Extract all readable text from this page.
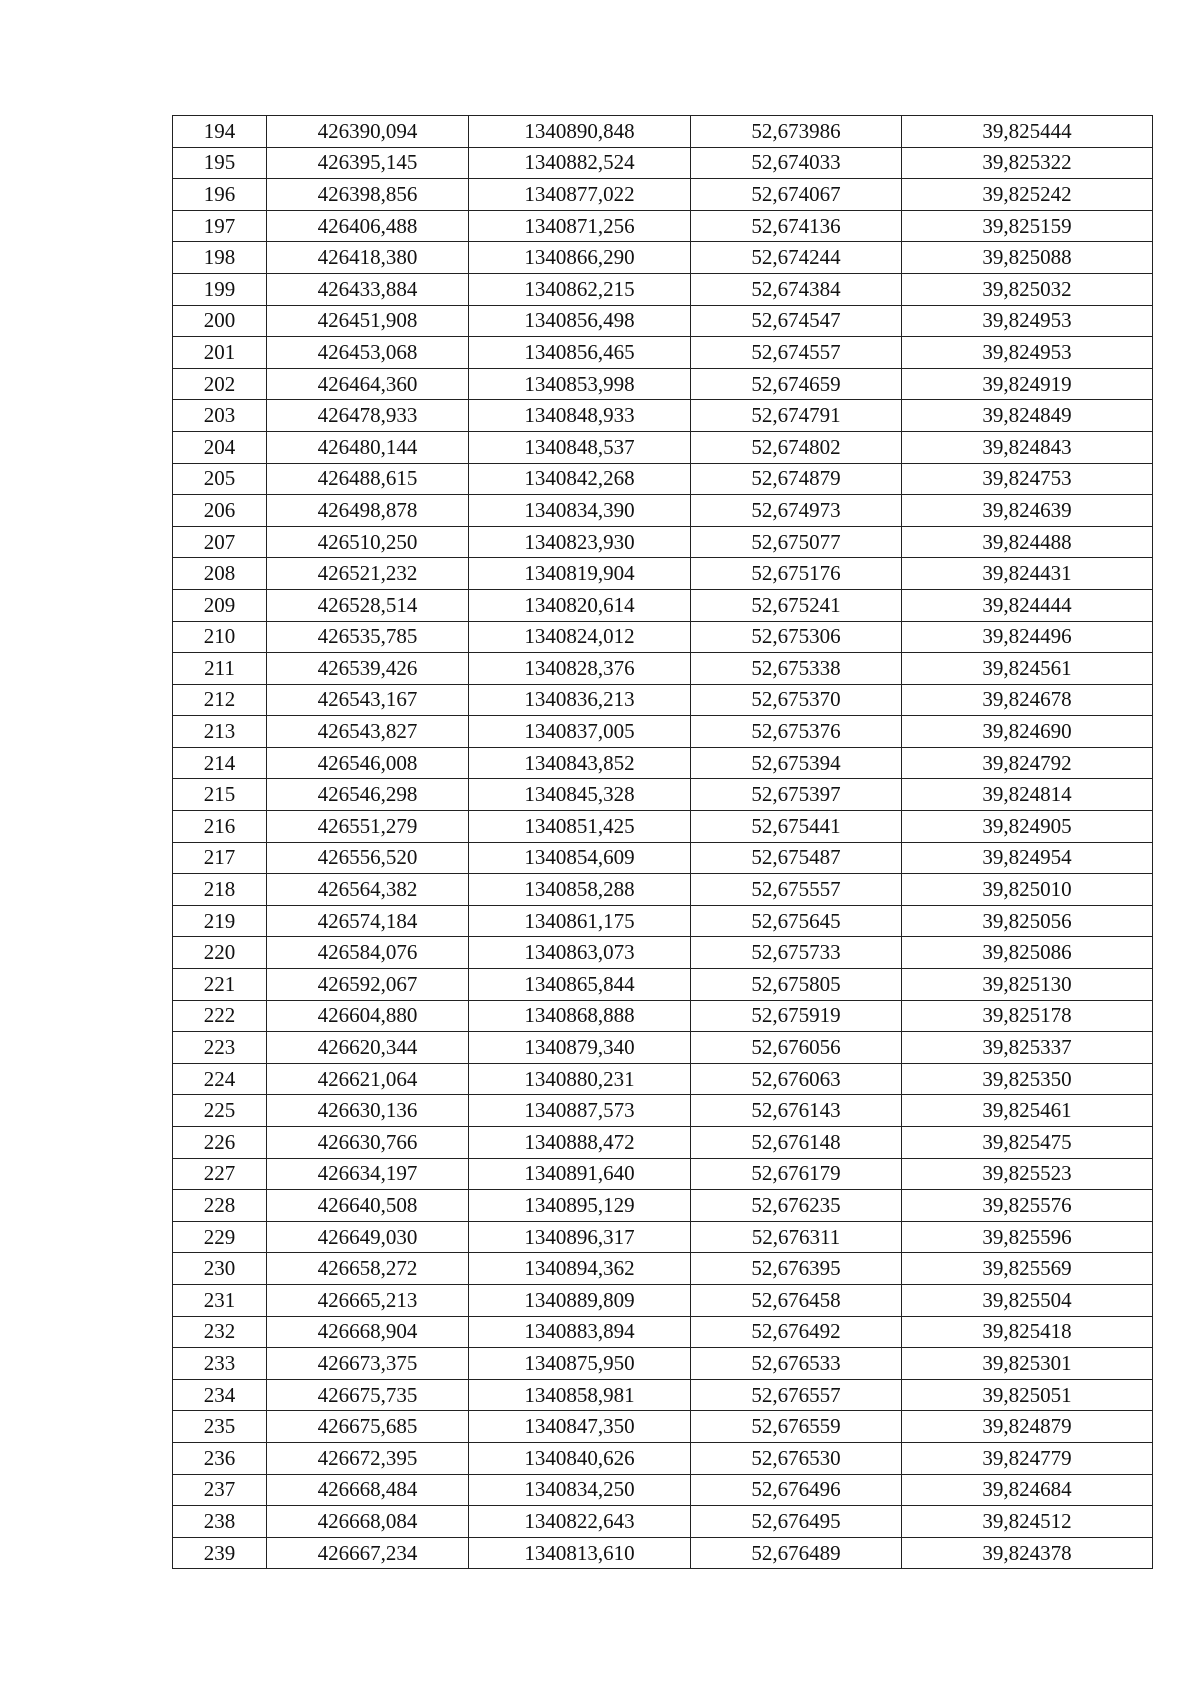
194	426390,094	1340890,848	52,673986	39,825444
195	426395,145	1340882,524	52,674033	39,825322
196	426398,856	1340877,022	52,674067	39,825242
197	426406,488	1340871,256	52,674136	39,825159
198	426418,380	1340866,290	52,674244	39,825088
199	426433,884	1340862,215	52,674384	39,825032
200	426451,908	1340856,498	52,674547	39,824953
201	426453,068	1340856,465	52,674557	39,824953
202	426464,360	1340853,998	52,674659	39,824919
203	426478,933	1340848,933	52,674791	39,824849
204	426480,144	1340848,537	52,674802	39,824843
205	426488,615	1340842,268	52,674879	39,824753
206	426498,878	1340834,390	52,674973	39,824639
207	426510,250	1340823,930	52,675077	39,824488
208	426521,232	1340819,904	52,675176	39,824431
209	426528,514	1340820,614	52,675241	39,824444
210	426535,785	1340824,012	52,675306	39,824496
211	426539,426	1340828,376	52,675338	39,824561
212	426543,167	1340836,213	52,675370	39,824678
213	426543,827	1340837,005	52,675376	39,824690
214	426546,008	1340843,852	52,675394	39,824792
215	426546,298	1340845,328	52,675397	39,824814
216	426551,279	1340851,425	52,675441	39,824905
217	426556,520	1340854,609	52,675487	39,824954
218	426564,382	1340858,288	52,675557	39,825010
219	426574,184	1340861,175	52,675645	39,825056
220	426584,076	1340863,073	52,675733	39,825086
221	426592,067	1340865,844	52,675805	39,825130
222	426604,880	1340868,888	52,675919	39,825178
223	426620,344	1340879,340	52,676056	39,825337
224	426621,064	1340880,231	52,676063	39,825350
225	426630,136	1340887,573	52,676143	39,825461
226	426630,766	1340888,472	52,676148	39,825475
227	426634,197	1340891,640	52,676179	39,825523
228	426640,508	1340895,129	52,676235	39,825576
229	426649,030	1340896,317	52,676311	39,825596
230	426658,272	1340894,362	52,676395	39,825569
231	426665,213	1340889,809	52,676458	39,825504
232	426668,904	1340883,894	52,676492	39,825418
233	426673,375	1340875,950	52,676533	39,825301
234	426675,735	1340858,981	52,676557	39,825051
235	426675,685	1340847,350	52,676559	39,824879
236	426672,395	1340840,626	52,676530	39,824779
237	426668,484	1340834,250	52,676496	39,824684
238	426668,084	1340822,643	52,676495	39,824512
239	426667,234	1340813,610	52,676489	39,824378
